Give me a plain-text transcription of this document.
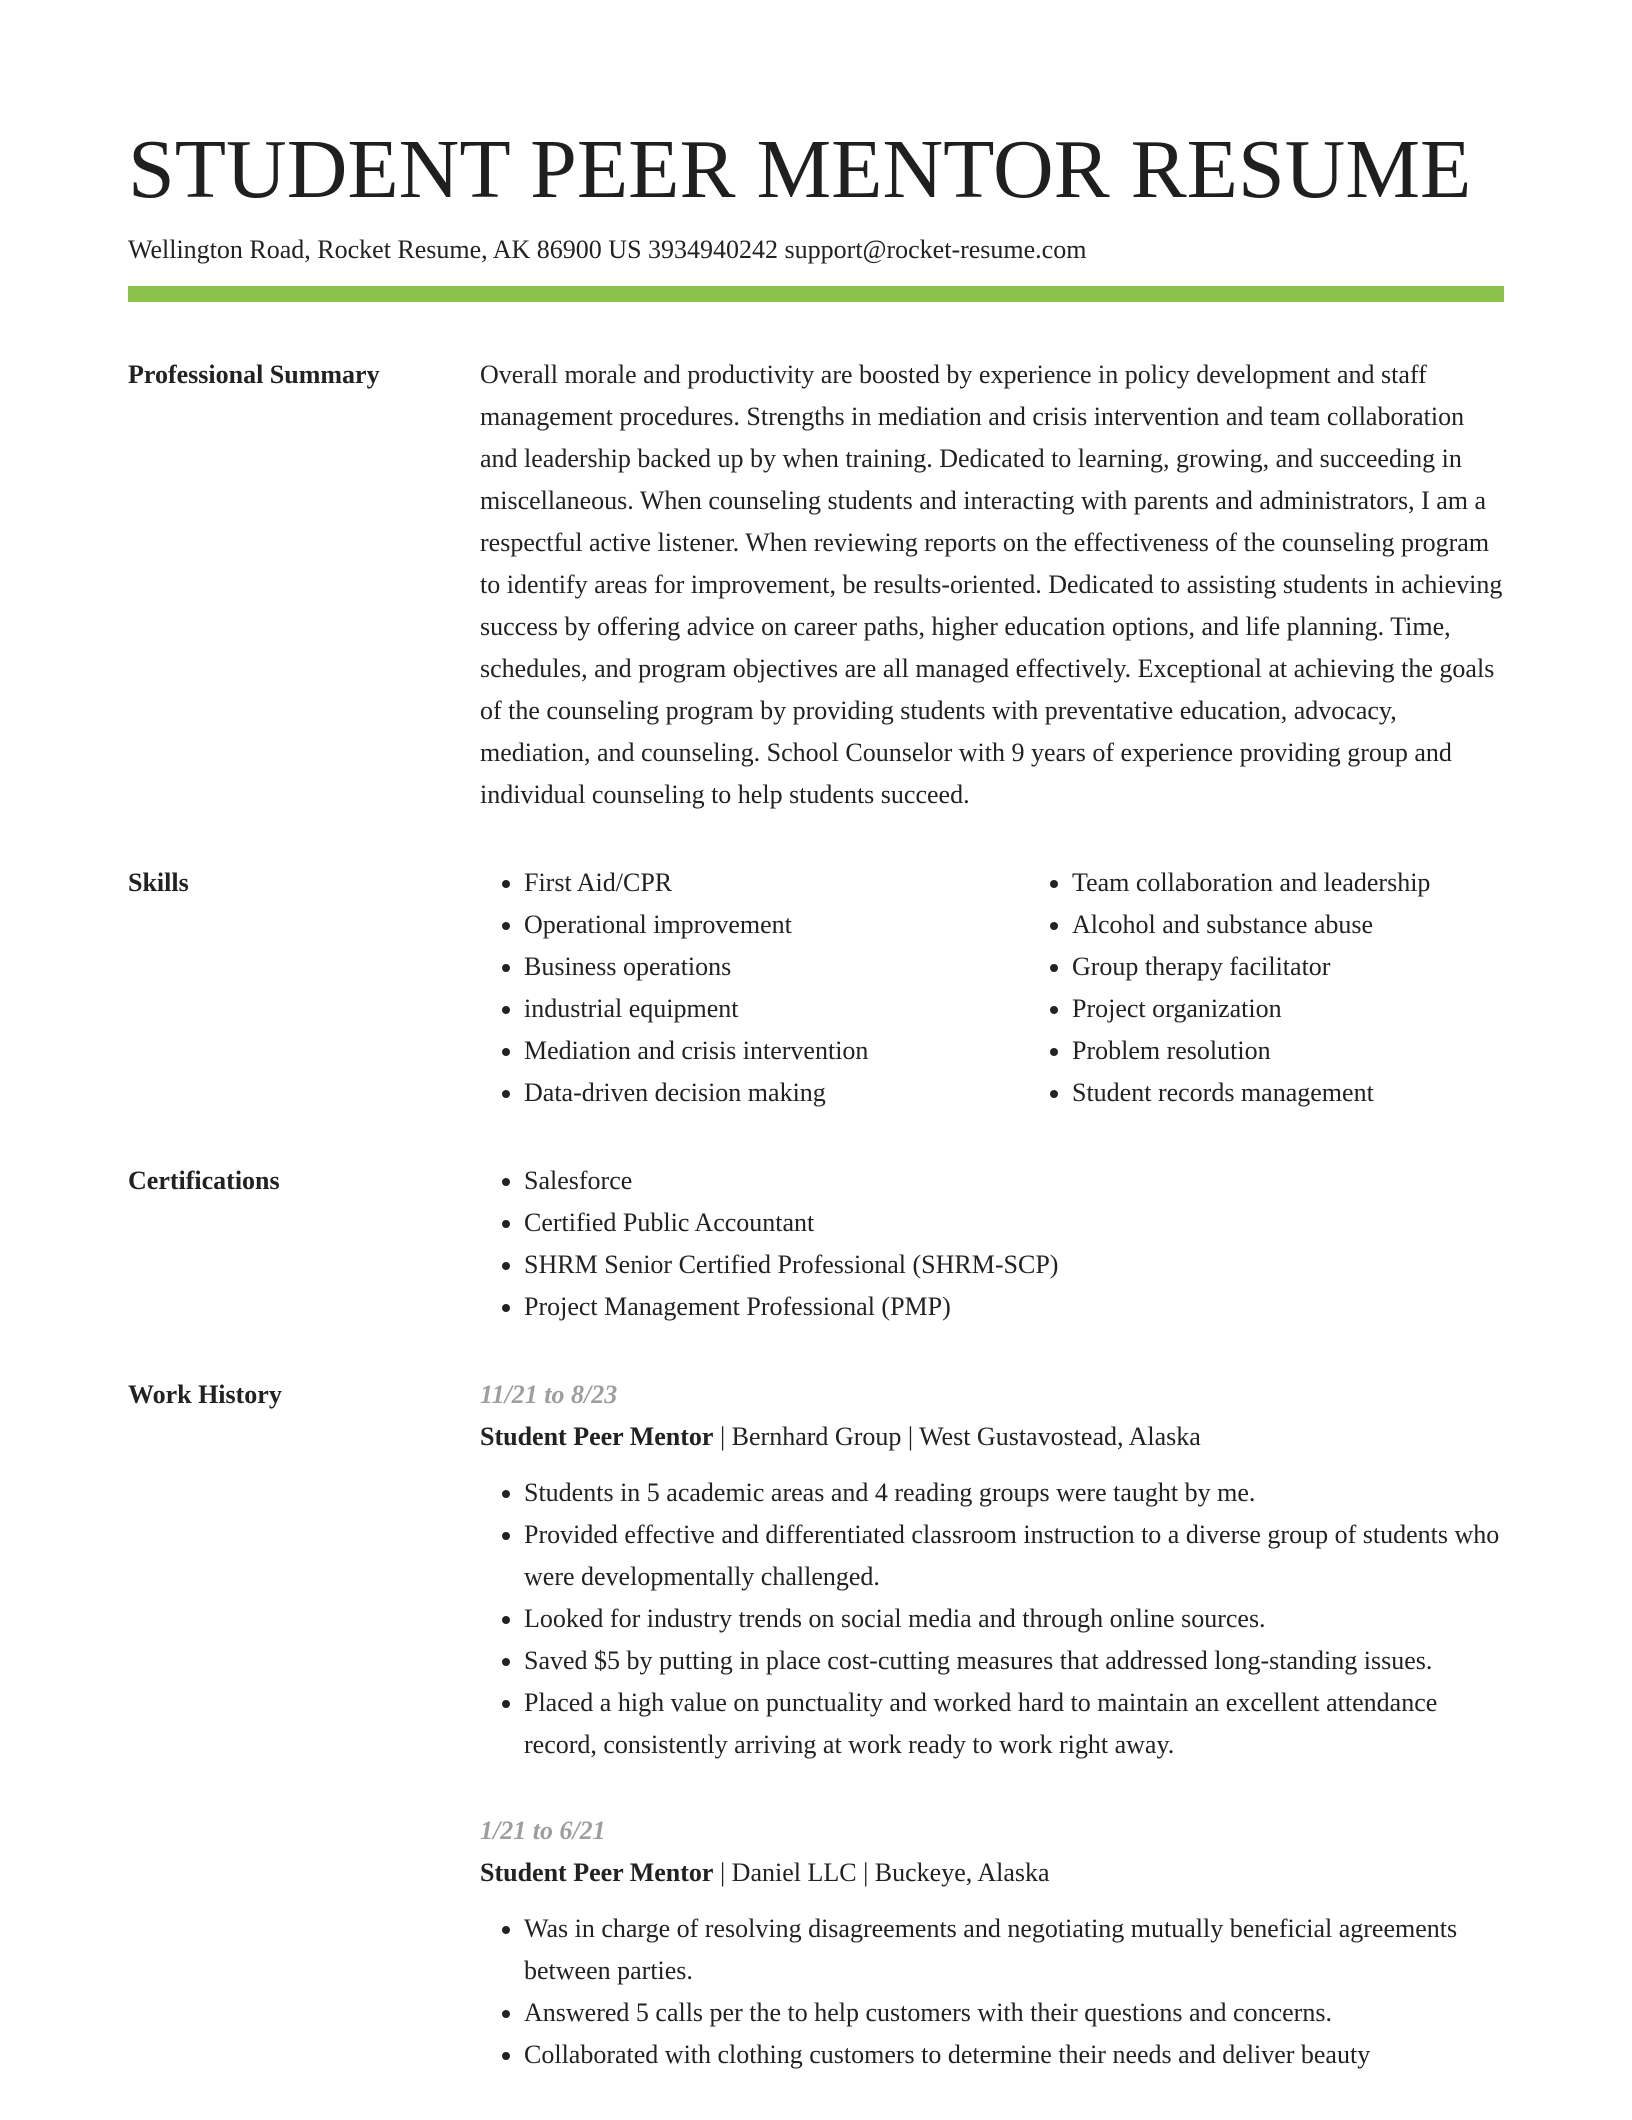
STUDENT PEER MENTOR RESUME
Wellington Road, Rocket Resume, AK 86900 US 3934940242 support@rocket-resume.com
Professional Summary	Overall morale and productivity are boosted by experience in policy development and staff management procedures. Strengths in mediation and crisis intervention and team collaboration and leadership backed up by when training. Dedicated to learning, growing, and succeeding in miscellaneous. When counseling students and interacting with parents and administrators, I am a respectful active listener. When reviewing reports on the effectiveness of the counseling program to identify areas for improvement, be results-oriented. Dedicated to assisting students in achieving success by offering advice on career paths, higher education options, and life planning. Time, schedules, and program objectives are all managed effectively. Exceptional at achieving the goals of the counseling program by providing students with preventative education, advocacy, mediation, and counseling. School Counselor with 9 years of experience providing group and individual counseling to help students succeed.

Skills	• First Aid/CPR
• Operational improvement
• Business operations
• industrial equipment
• Mediation and crisis intervention
• Data-driven decision making
• Team collaboration and leadership
• Alcohol and substance abuse
• Group therapy facilitator
• Project organization
• Problem resolution
• Student records management
Certifications	• Salesforce
• Certified Public Accountant
• SHRM Senior Certified Professional (SHRM-SCP)
• Project Management Professional (PMP)
Work History	11/21 to 8/23
Student Peer Mentor | Bernhard Group | West Gustavostead, Alaska
• Students in 5 academic areas and 4 reading groups were taught by me.
• Provided effective and differentiated classroom instruction to a diverse group of students who were developmentally challenged.
• Looked for industry trends on social media and through online sources.
• Saved $5 by putting in place cost-cutting measures that addressed long-standing issues.
• Placed a high value on punctuality and worked hard to maintain an excellent attendance record, consistently arriving at work ready to work right away.
1/21 to 6/21
Student Peer Mentor | Daniel LLC | Buckeye, Alaska
• Was in charge of resolving disagreements and negotiating mutually beneficial agreements between parties.
• Answered 5 calls per the to help customers with their questions and concerns.
• Collaborated with clothing customers to determine their needs and deliver beauty
